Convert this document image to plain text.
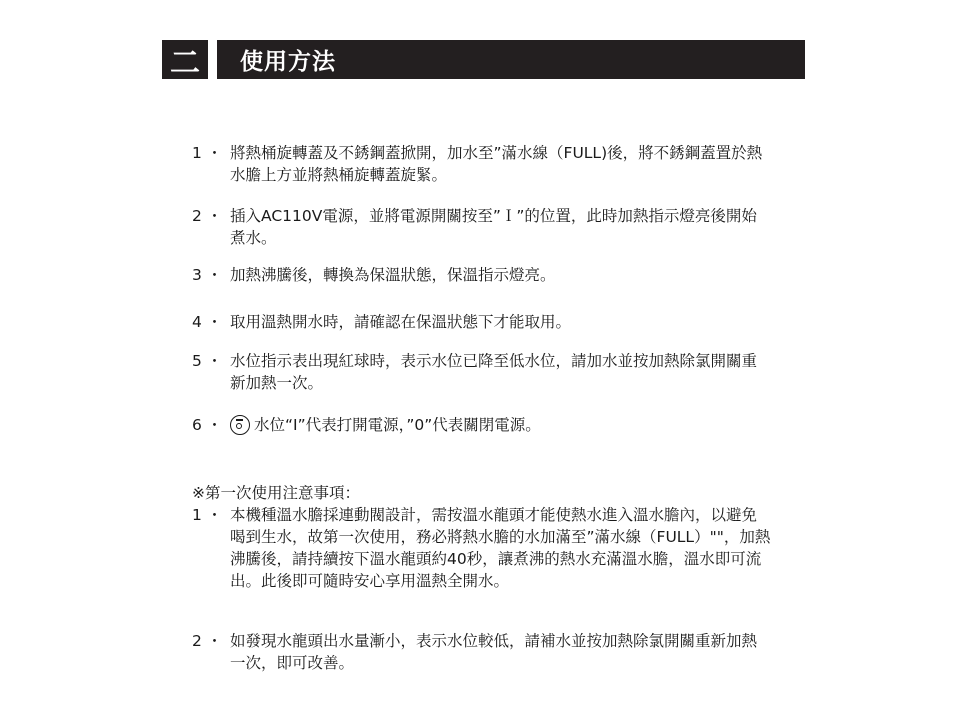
二	使用方法
1 ・ 將熱桶旋轉蓋及不銹鋼蓋掀開，加水至”滿水線（FULL)後，將不銹鋼蓋置於熱水膽上方並將熱桶旋轉蓋旋緊。
2 ・ 插入AC110V電源，並將電源開關按至”Ｉ”的位置，此時加熱指示燈亮後開始煮水。
3 ・ 加熱沸騰後，轉換為保溫狀態，保溫指示燈亮。
4 ・ 取用溫熱開水時，請確認在保溫狀態下才能取用。
5 ・ 水位指示表出現紅球時，表示水位已降至低水位，請加水並按加熱除氯開關重新加熱一次。
6 ・	水位“I”代表打開電源，”0”代表關閉電源。
※第一次使用注意事項：
1 ・ 本機種溫水膽採連動閥設計，需按溫水龍頭才能使熱水進入溫水膽內，以避免喝到生水，故第一次使用，務必將熱水膽的水加滿至”滿水線（FULL）""，加熱沸騰後，請持續按下溫水龍頭約40秒，讓煮沸的熱水充滿溫水膽，溫水即可流出。此後即可隨時安心享用溫熱全開水。
2 ・ 如發現水龍頭出水量漸小，表示水位較低，請補水並按加熱除氯開關重新加熱一次，即可改善。
